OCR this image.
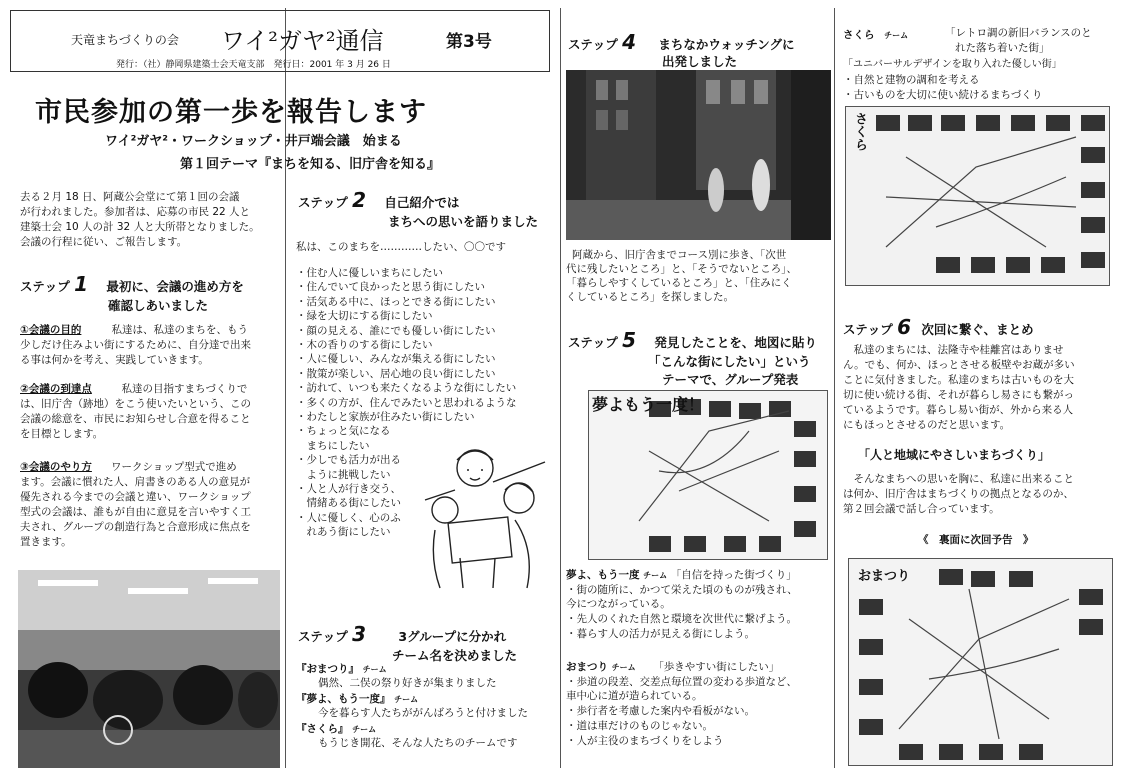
天竜まちづくりの会 ワイ²ガヤ²通信	第3号
発行：（社）静岡県建築士会天竜支部　発行日：2001 年 3 月 26 日
市民参加の第一歩を報告します
ワイ²ガヤ²・ワークショップ・井戸端会議　始まる
第１回テーマ『まちを知る、旧庁舎を知る』
去る２月 18 日、阿蔵公会堂にて第１回の会議
が行われました。参加者は、応募の市民 22 人と
建築士会 10 人の計 32 人と大所帯となりました。
会議の行程に従い、ご報告します。
ステップ 1 最初に、会議の進め方を
確認しあいました
①会議の目的
　　　私達は、私達のまちを、もう
少しだけ住みよい街にするために、自分達で出来
る事は何かを考え、実践していきます。
②会議の到達点
　　　私達の目指すまちづくりで
は、旧庁舎（跡地）をこう使いたいという、この
会議の総意を、市民にお知らせし合意を得ること
を目標とします。
③会議のやり方
　　ワークショップ型式で進め
ます。会議に慣れた人、肩書きのある人の意見が
優先される今までの会議と違い、ワークショップ
型式の会議は、誰もが自由に意見を言いやすく工
夫され、グループの創造行為と合意形成に焦点を
置きます。
ステップ 2 自己紹介では
まちへの思いを語りました
私は、このまちを…………したい、〇〇です
・住む人に優しいまちにしたい
・住んでいて良かったと思う街にしたい
・活気ある中に、ほっとできる街にしたい
・緑を大切にする街にしたい
・顔の見える、誰にでも優しい街にしたい
・木の香りのする街にしたい
・人に優しい、みんなが集える街にしたい
・散策が楽しい、居心地の良い街にしたい
・訪れて、いつも来たくなるような街にしたい
・多くの方が、住んでみたいと思われるような
・わたしと家族が住みたい街にしたい
・ちょっと気になる
　まちにしたい
・少しでも活力が出る
　ように挑戦したい
・人と人が行き交う、
　情緒ある街にしたい
・人に優しく、心のふ
　れあう街にしたい
ステップ 3	3グループに分かれ
チーム名を決めました
『おまつり』 チーム
偶然、二俣の祭り好きが集まりました
『夢よ、もう一度』 チーム
今を暮らす人たちががんばろうと付けました
『さくら』 チーム
もうじき開花、そんな人たちのチームです
ステップ 4 まちなかウォッチングに
出発しました
阿蔵から、旧庁舎までコース別に歩き、「次世
代に残したいところ」と、「そうでないところ」、
「暮らしやすくしているところ」と、「住みにく
くしているところ」を探しました。
ステップ 5 発見したことを、地図に貼り
「こんな街にしたい」という
テーマで、グループ発表
夢よもう一度！
夢よ、もう一度 チーム 「自信を持った街づくり」
・街の随所に、かつて栄えた頃のものが残され、
今につながっている。
・先人のくれた自然と環境を次世代に繋げよう。
・暮らす人の活力が見える街にしよう。
おまつり チーム 「歩きやすい街にしたい」
・歩道の段差、交差点毎位置の変わる歩道など、
車中心に道が造られている。
・歩行者を考慮した案内や看板がない。
・道は車だけのものじゃない。
・人が主役のまちづくりをしよう
さくら チーム	「レトロ調の新旧バランスのと
れた落ち着いた街」
「ユニバーサルデザインを取り入れた優しい街」
・自然と建物の調和を考える
・古いものを大切に使い続けるまちづくり
さくら
ステップ 6 次回に繋ぐ、まとめ
　私達のまちには、法隆寺や桂離宮はありませ
ん。でも、何か、ほっとさせる板壁やお蔵が多い
ことに気付きました。私達のまちは古いものを大
切に使い続ける街、それが暮らし易さにも繋がっ
ているようです。暮らし易い街が、外から来る人
にもほっとさせるのだと思います。
「人と地域にやさしいまちづくり」
　そんなまちへの思いを胸に、私達に出来ること
は何か、旧庁舎はまちづくりの拠点となるのか、
第２回会議で話し合っています。
《　裏面に次回予告　》
おまつり
